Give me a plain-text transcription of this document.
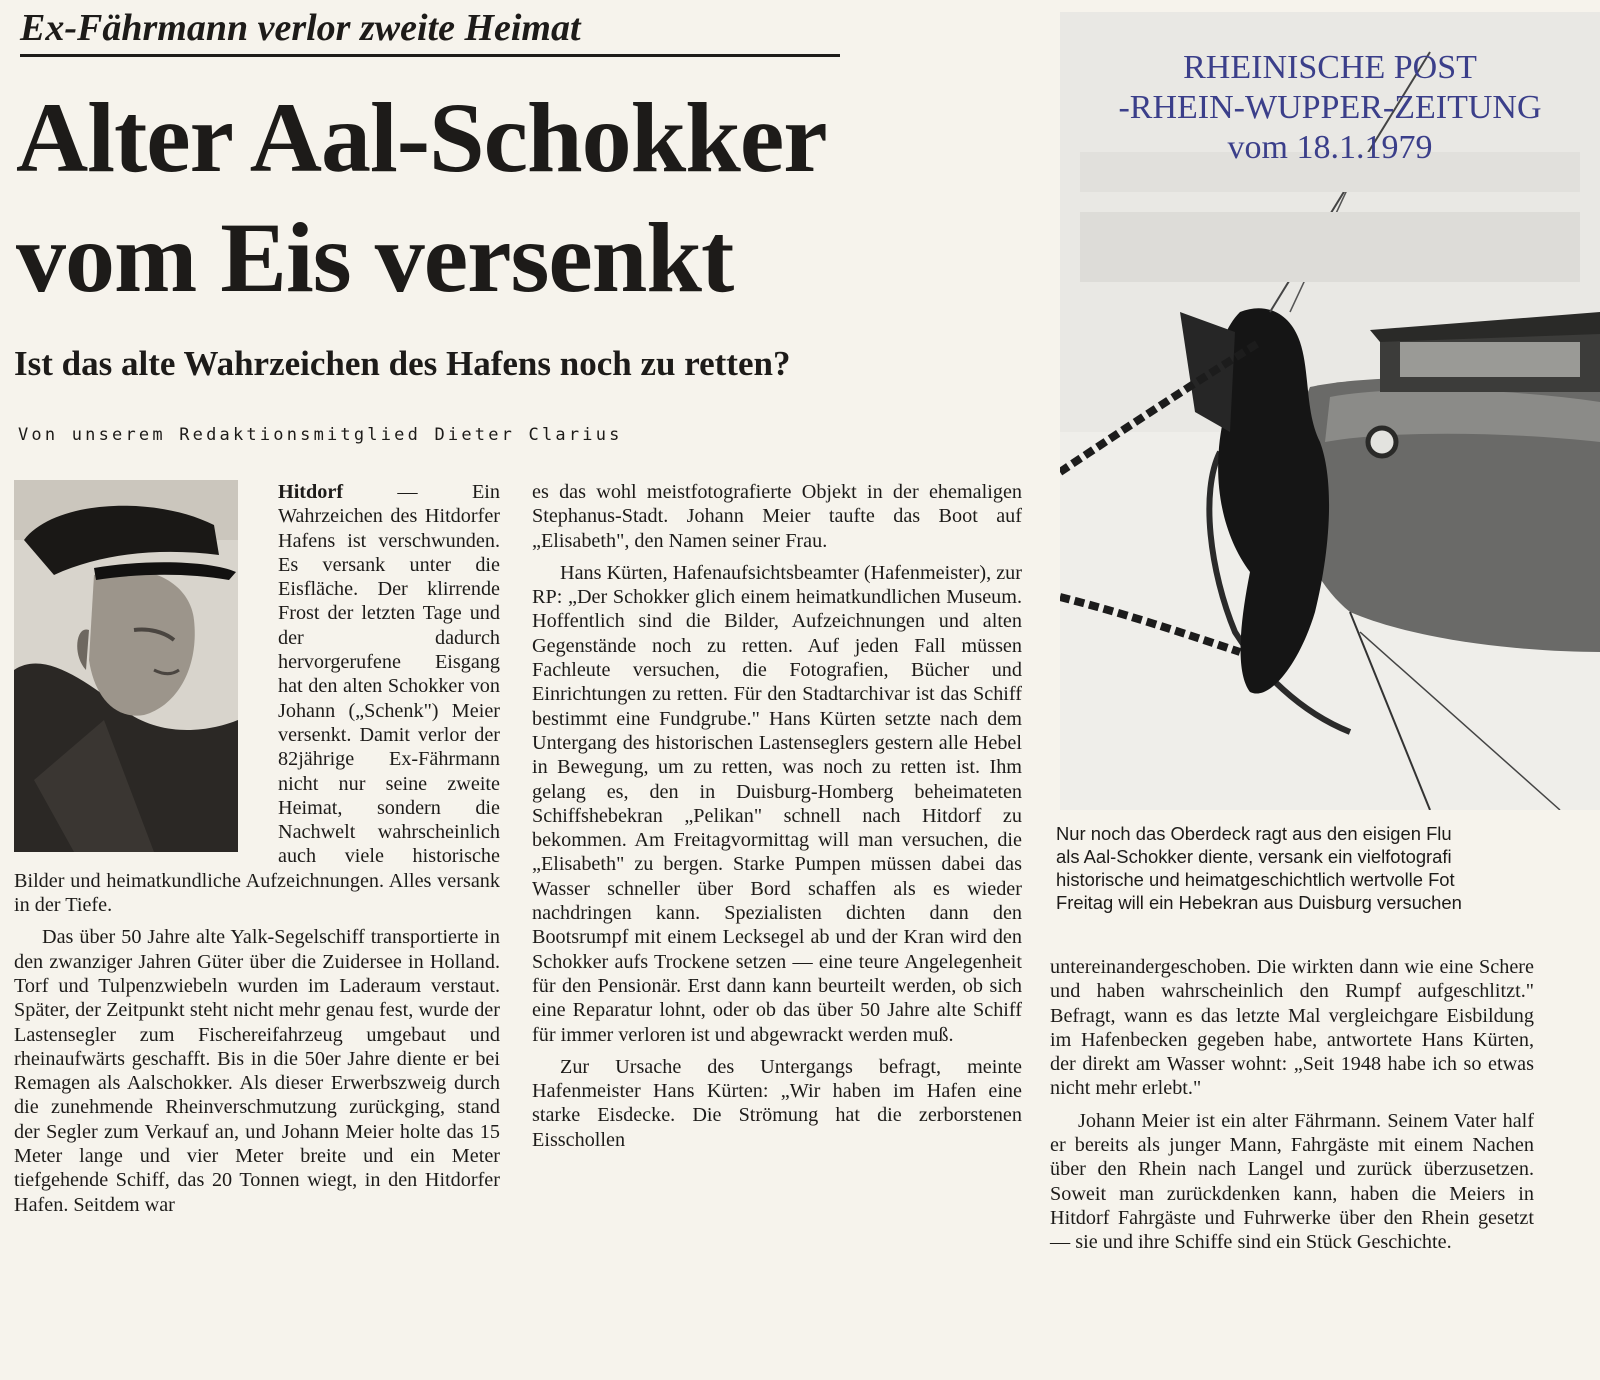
Ex-Fährmann verlor zweite Heimat
Alter Aal-Schokker
vom Eis versenkt
Ist das alte Wahrzeichen des Hafens noch zu retten?
Von unserem Redaktionsmitglied Dieter Clarius

Hitdorf	— Ein Wahrzeichen des Hitdorfer Hafens ist verschwunden. Es versank unter die Eisfläche. Der klirrende Frost der letzten Tage und der dadurch hervorgerufene Eisgang hat den alten Schokker von Johann („Schenk") Meier versenkt. Damit verlor der 82jährige Ex-Fährmann nicht nur seine zweite Heimat, sondern die Nachwelt wahrscheinlich auch viele historische Bilder und heimatkundliche Aufzeichnungen. Alles versank in der Tiefe.

Das über 50 Jahre alte Yalk-Segelschiff transportierte in den zwanziger Jahren Güter über die Zuidersee in Holland. Torf und Tulpenzwiebeln wurden im Laderaum verstaut. Später, der Zeitpunkt steht nicht mehr genau fest, wurde der Lastensegler zum Fischereifahrzeug umgebaut und rheinaufwärts geschafft. Bis in die 50er Jahre diente er bei Remagen als Aalschokker. Als dieser Erwerbszweig durch die zunehmende Rheinverschmutzung zurückging, stand der Segler zum Verkauf an, und Johann Meier holte das 15 Meter lange und vier Meter breite und ein Meter tiefgehende Schiff, das 20 Tonnen wiegt, in den Hitdorfer Hafen. Seitdem war

es das wohl meistfotografierte Objekt in der ehemaligen Stephanus-Stadt. Johann Meier taufte das Boot auf „Elisabeth", den Namen seiner Frau.

Hans Kürten, Hafenaufsichtsbeamter (Hafenmeister), zur RP: „Der Schokker glich einem heimatkundlichen Museum. Hoffentlich sind die Bilder, Aufzeichnungen und alten Gegenstände noch zu retten. Auf jeden Fall müssen Fachleute versuchen, die Fotografien, Bücher und Einrichtungen zu retten. Für den Stadtarchivar ist das Schiff bestimmt eine Fundgrube." Hans Kürten setzte nach dem Untergang des historischen Lastenseglers gestern alle Hebel in Bewegung, um zu retten, was noch zu retten ist. Ihm gelang es, den in Duisburg-Homberg beheimateten Schiffshebekran „Pelikan" schnell nach Hitdorf zu bekommen. Am Freitagvormittag will man versuchen, die „Elisabeth" zu bergen. Starke Pumpen müssen dabei das Wasser schneller über Bord schaffen als es wieder nachdringen kann. Spezialisten dichten dann den Bootsrumpf mit einem Lecksegel ab und der Kran wird den Schokker aufs Trockene setzen — eine teure Angelegenheit für den Pensionär. Erst dann kann beurteilt werden, ob sich eine Reparatur lohnt, oder ob das über 50 Jahre alte Schiff für immer verloren ist und abgewrackt werden muß.

Zur Ursache des Untergangs befragt, meinte Hafenmeister Hans Kürten: „Wir haben im Hafen eine starke Eisdecke. Die Strömung hat die zerborstenen Eisschollen

RHEINISCHE POST
-RHEIN-WUPPER-ZEITUNG
vom 18.1.1979
Nur noch das Oberdeck ragt aus den eisigen Flu
als Aal-Schokker diente, versank ein vielfotografi
historische und heimatgeschichtlich wertvolle Fot
Freitag will ein Hebekran aus Duisburg versuchen

untereinandergeschoben. Die wirkten dann wie eine Schere und haben wahrscheinlich den Rumpf aufgeschlitzt." Befragt, wann es das letzte Mal vergleichgare Eisbildung im Hafenbecken gegeben habe, antwortete Hans Kürten, der direkt am Wasser wohnt: „Seit 1948 habe ich so etwas nicht mehr erlebt."

Johann Meier ist ein alter Fährmann. Seinem Vater half er bereits als junger Mann, Fahrgäste mit einem Nachen über den Rhein nach Langel und zurück überzusetzen. Soweit man zurückdenken kann, haben die Meiers in Hitdorf Fahrgäste und Fuhrwerke über den Rhein gesetzt — sie und ihre Schiffe sind ein Stück Geschichte.
